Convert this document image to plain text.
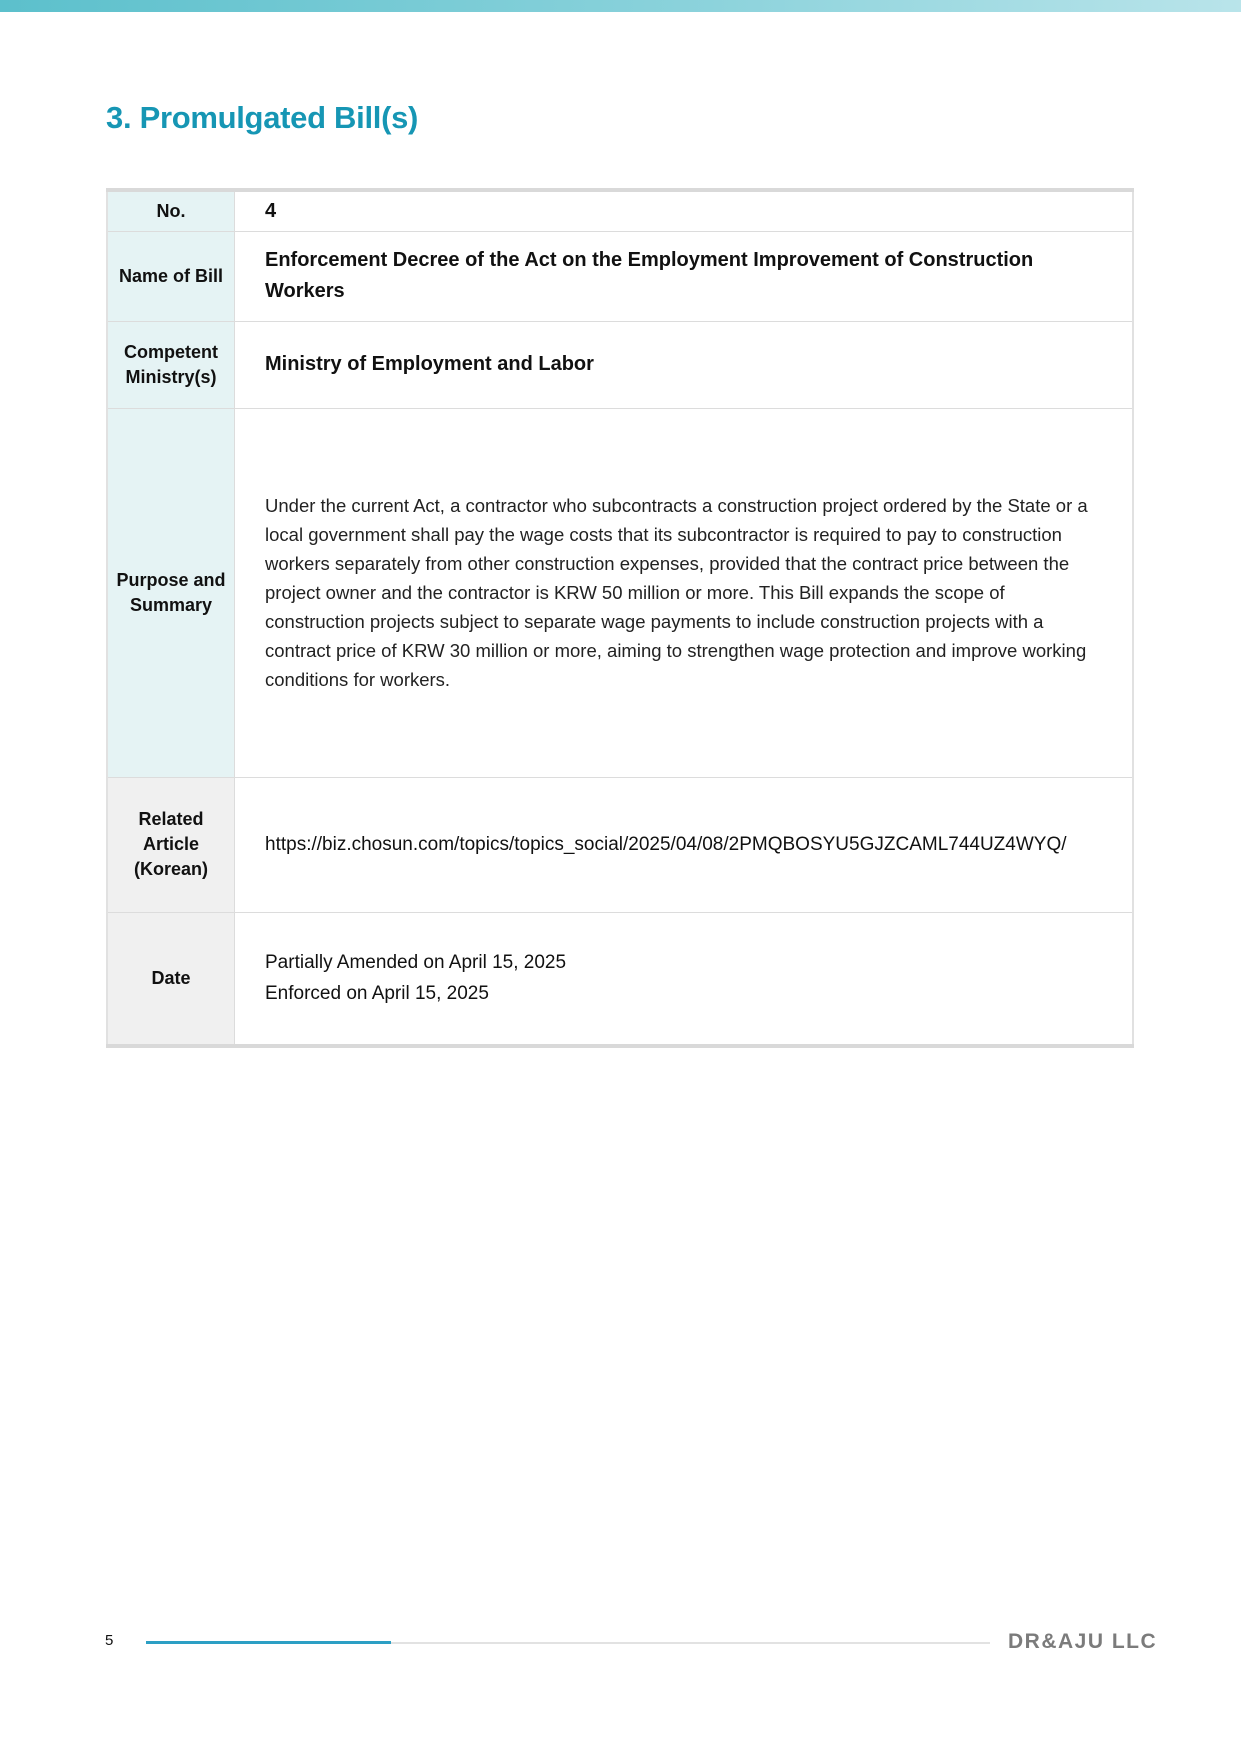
3. Promulgated Bill(s)
No.	4
Name of Bill	Enforcement Decree of the Act on the Employment Improvement of Construction Workers
Competent Ministry(s)	Ministry of Employment and Labor
Purpose and Summary	Under the current Act, a contractor who subcontracts a construction project ordered by the State or a local government shall pay the wage costs that its subcontractor is required to pay to construction workers separately from other construction expenses, provided that the contract price between the project owner and the contractor is KRW 50 million or more. This Bill expands the scope of construction projects subject to separate wage payments to include construction projects with a contract price of KRW 30 million or more, aiming to strengthen wage protection and improve working conditions for workers.
Related Article (Korean)	https://biz.chosun.com/topics/topics_social/2025/04/08/2PMQBOSYU5GJZCAML744UZ4WYQ/
Date	Partially Amended on April 15, 2025
Enforced on April 15, 2025
5	DR&AJU LLC
